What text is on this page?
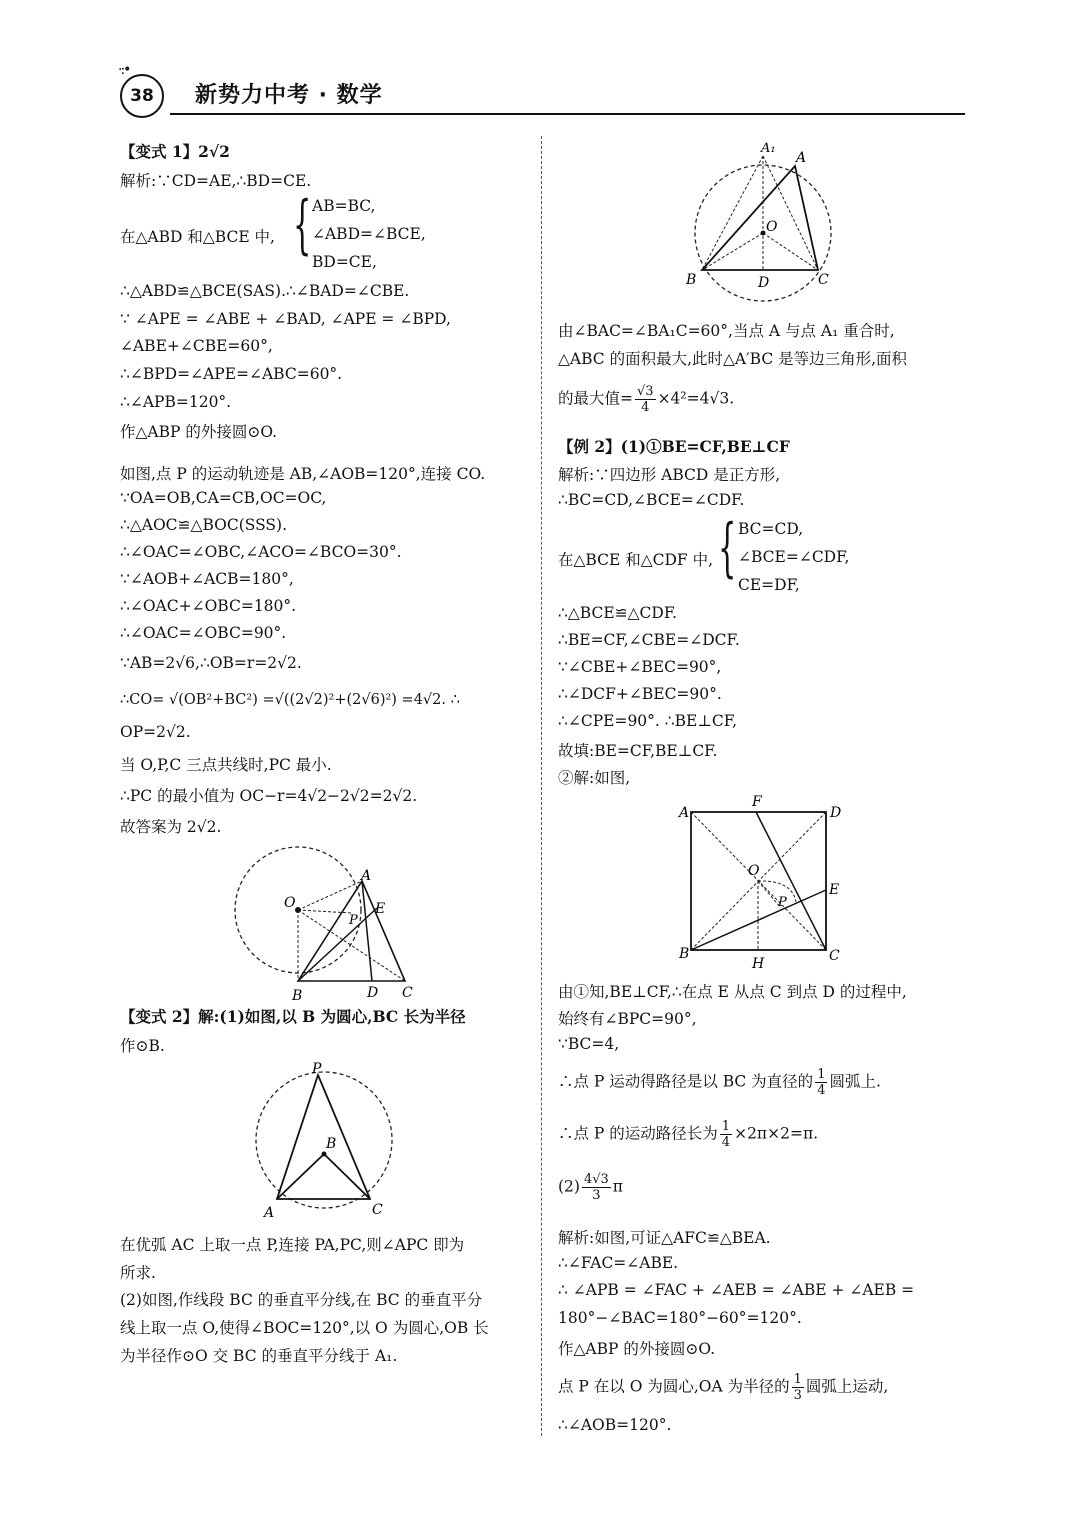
·:•
38	新势力中考 · 数学
【变式 1】2√2
解析:∵CD=AE,∴BD=CE.
在△ABD 和△BCE 中, { AB=BC,
∠ABD=∠BCE,
BD=CE,
∴△ABD≌△BCE(SAS).∴∠BAD=∠CBE.
∵ ∠APE = ∠ABE + ∠BAD, ∠APE = ∠BPD,
∠ABE+∠CBE=60°,
∴∠BPD=∠APE=∠ABC=60°.
∴∠APB=120°.
作△ABP 的外接圆⊙O.
如图,点 P 的运动轨迹是 AB,∠AOB=120°,连接 CO.
∵OA=OB,CA=CB,OC=OC,
∴△AOC≌△BOC(SSS).
∴∠OAC=∠OBC,∠ACO=∠BCO=30°.
∵∠AOB+∠ACB=180°,
∴∠OAC+∠OBC=180°.
∴∠OAC=∠OBC=90°.
∵AB=2√6,∴OB=r=2√2.
∴CO= √(OB²+BC²) =√((2√2)²+(2√6)²) =4√2. ∴
OP=2√2.
当 O,P,C 三点共线时,PC 最小.
∴PC 的最小值为 OC−r=4√2−2√2=2√2.
故答案为 2√2.
O
A
E
P
B	D C
【变式 2】解:(1)如图,以 B 为圆心,BC 长为半径
作⊙B.
P
B
A	C
在优弧 AC 上取一点 P,连接 PA,PC,则∠APC 即为
所求.
(2)如图,作线段 BC 的垂直平分线,在 BC 的垂直平分
线上取一点 O,使得∠BOC=120°,以 O 为圆心,OB 长
为半径作⊙O 交 BC 的垂直平分线于 A₁.
A₁
A
O
B	D	C
由∠BAC=∠BA₁C=60°,当点 A 与点 A₁ 重合时,
△ABC 的面积最大,此时△A′BC 是等边三角形,面积
的最大值= $\frac{√3}{4} \times 4^2=4√3$.
【例 2】(1)①BE=CF,BE⊥CF
解析:∵四边形 ABCD 是正方形,
∴BC=CD,∠BCE=∠CDF.
在△BCE 和△CDF 中, { BC=CD,
∠BCE=∠CDF,
CE=DF,
∴△BCE≌△CDF.
∴BE=CF,∠CBE=∠DCF.
∵∠CBE+∠BEC=90°,
∴∠DCF+∠BEC=90°.
∴∠CPE=90°. ∴BE⊥CF,
故填:BE=CF,BE⊥CF.
②解:如图,
A
F
D
O
E
P
B
H	C
由①知,BE⊥CF,∴在点 E 从点 C 到点 D 的过程中,
始终有∠BPC=90°,
∵BC=4,
∴点 P 运动得路径是以 BC 为直径的 $\frac{1}{4}$ 圆弧上.
∴点 P 的运动路径长为 $\frac{1}{4} \times 2\pi\times 2=\pi$.
$(2) \frac{4√3}{3}$ π
解析:如图,可证△AFC≌△BEA.
∴∠FAC=∠ABE.
∴ ∠APB = ∠FAC + ∠AEB = ∠ABE + ∠AEB =
180°−∠BAC=180°−60°=120°.
作△ABP 的外接圆⊙O.
点 P 在以 O 为圆心,OA 为半径的 $\frac{1}{3}$ 圆弧上运动,
∴∠AOB=120°.
